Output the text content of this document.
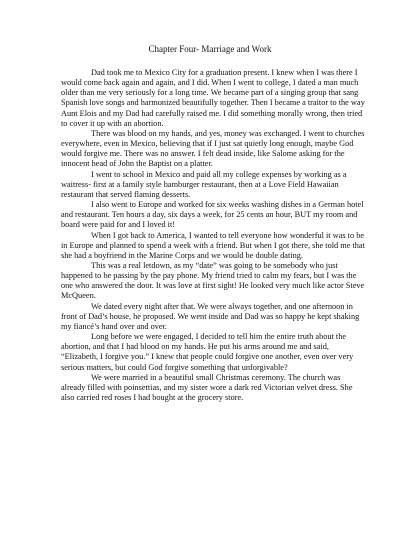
Chapter Four- Marriage and Work

Dad took me to Mexico City for a graduation present. I knew when I was there I would come back again and again, and I did. When I went to college, I dated a man much older than me very seriously for a long time. We became part of a singing group that sang Spanish love songs and harmonized beautifully together. Then I became a traitor to the way Aunt Elois and my Dad had carefully raised me. I did something morally wrong, then tried to cover it up with an abortion.

There was blood on my hands, and yes, money was exchanged. I went to churches everywhere, even in Mexico, believing that if I just sat quietly long enough, maybe God would forgive me. There was no answer. I felt dead inside, like Salome asking for the innocent head of John the Baptist on a platter.

I went to school in Mexico and paid all my college expenses by working as a waitress- first at a family style hamburger restaurant, then at a Love Field Hawaiian restaurant that served flaming desserts.

I also went to Europe and worked for six weeks washing dishes in a German hotel and restaurant. Ten hours a day, six days a week, for 25 cents an hour, BUT my room and board were paid for and I loved it!

When I got back to America, I wanted to tell everyone how wonderful it was to be in Europe and planned to spend a week with a friend. But when I got there, she told me that she had a boyfriend in the Marine Corps and we would be double dating.

This was a real letdown, as my “date” was going to be somebody who just happened to be passing by the pay phone. My friend tried to calm my fears, but I was the one who answered the door. It was love at first sight! He looked very much like actor Steve McQueen.

We dated every night after that. We were always together, and one afternoon in front of Dad’s house, he proposed. We went inside and Dad was so happy he kept shaking my fiancé’s hand over and over.

Long before we were engaged, I decided to tell him the entire truth about the abortion, and that I had blood on my hands. He put his arms around me and said, “Elizabeth, I forgive you.” I knew that people could forgive one another, even over very serious matters, but could God forgive something that unforgivable?

We were married in a beautiful small Christmas ceremony. The church was already filled with poinsettias, and my sister wore a dark red Victorian velvet dress. She also carried red roses I had bought at the grocery store.
